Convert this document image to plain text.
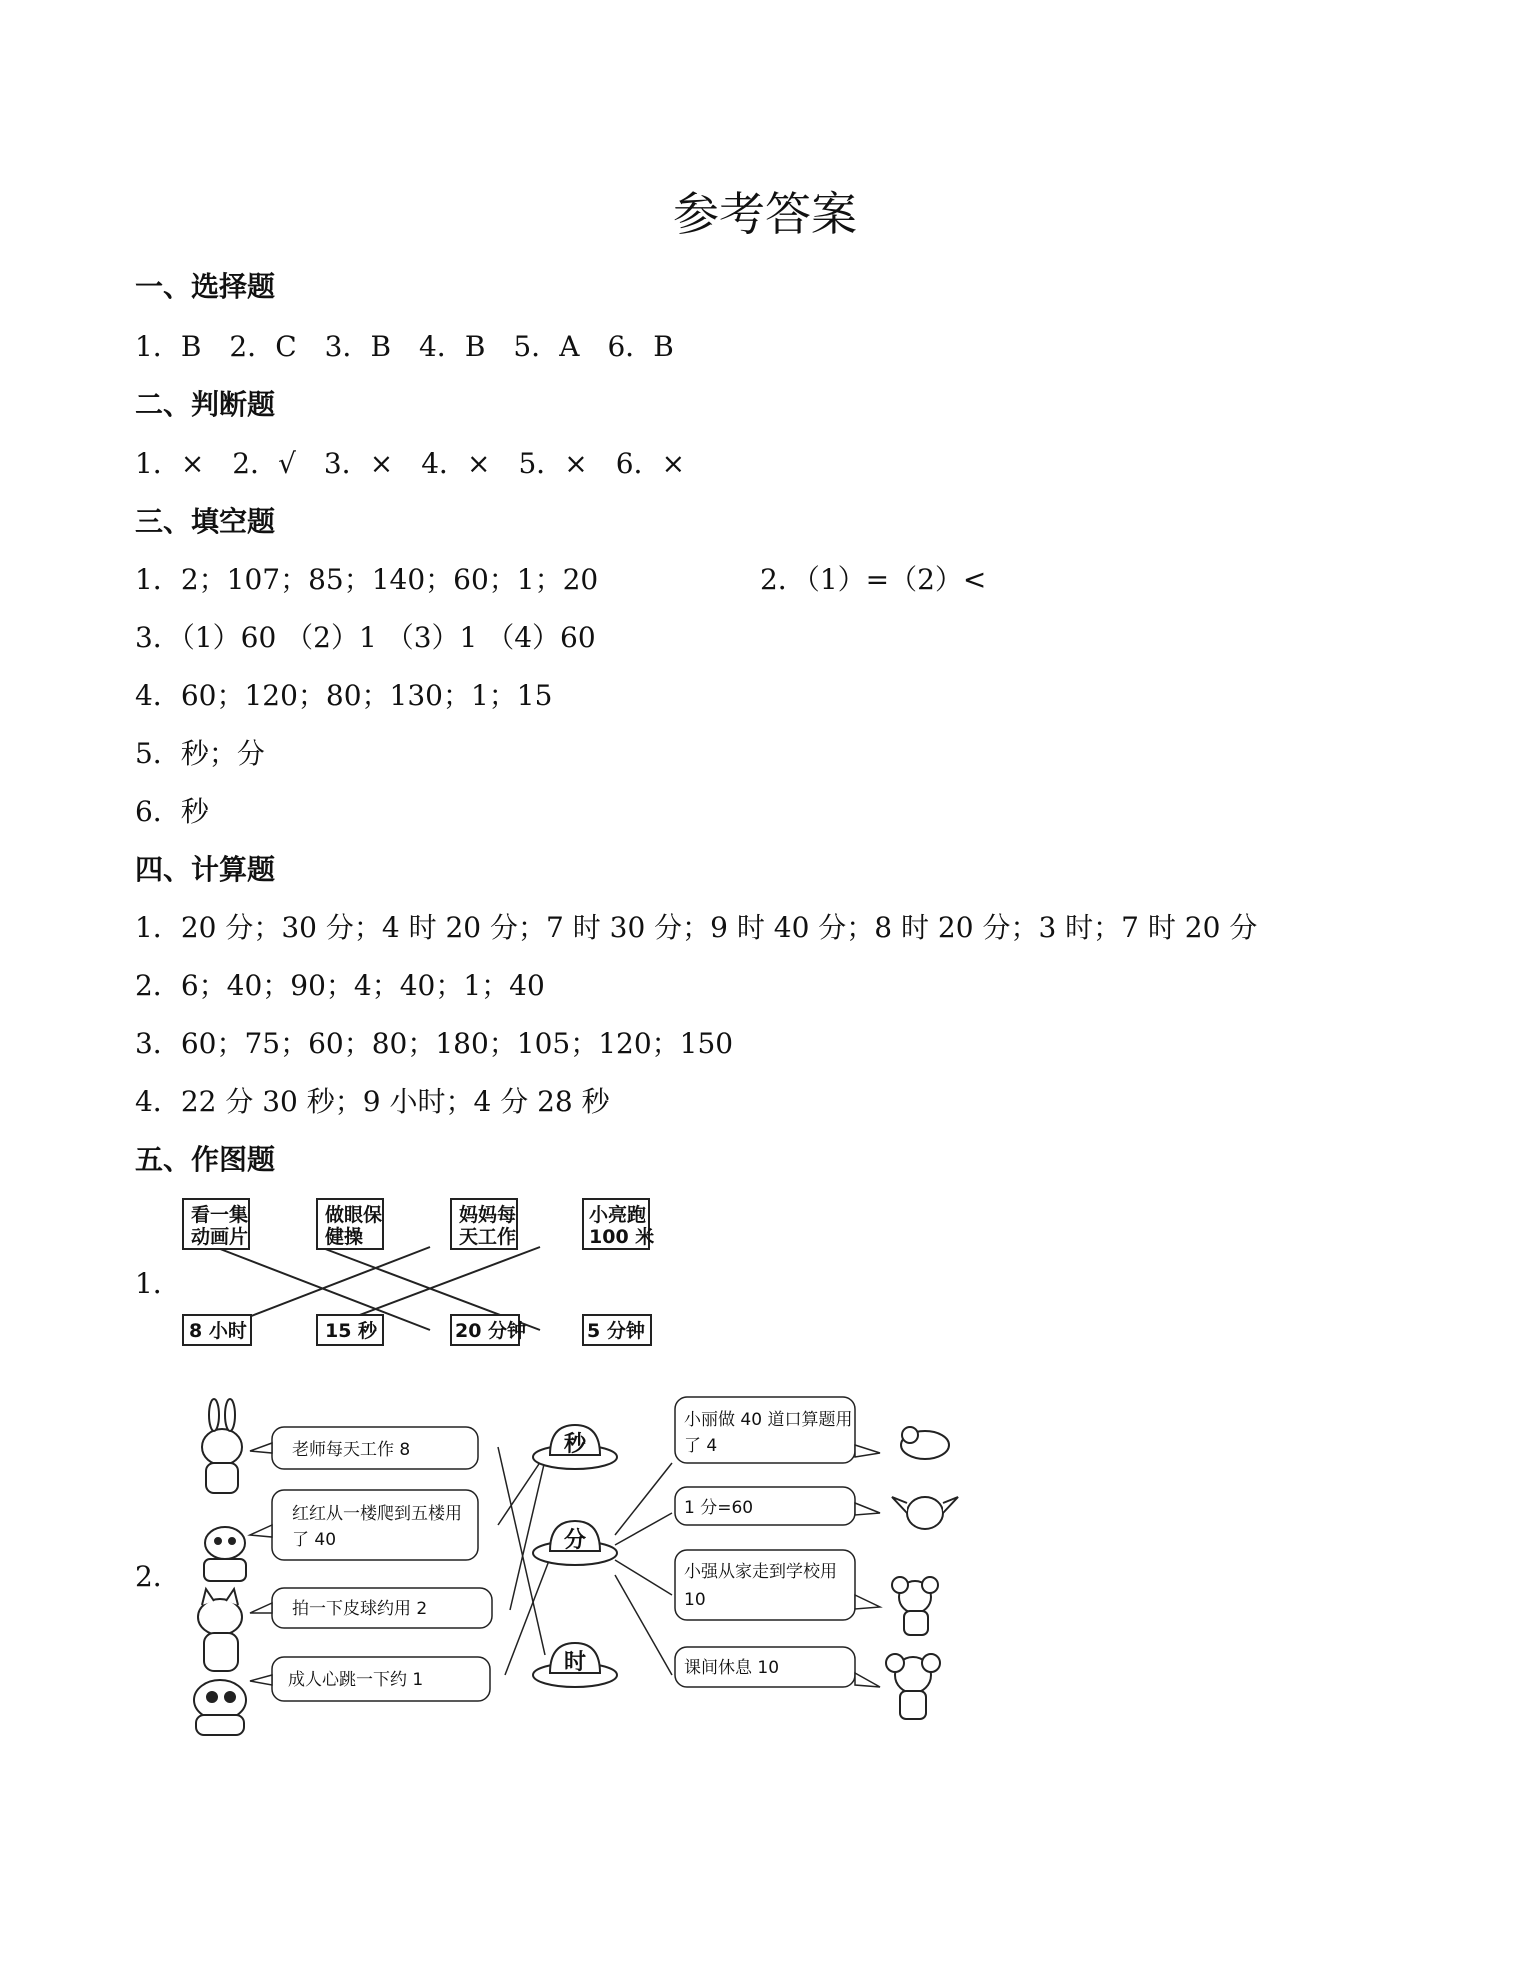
参考答案
一、选择题
1．B　2．C　3．B　4．B　5．A　6．B
二、判断题
1．×　2．√　3．×　4．×　5．×　6．×
三、填空题
1．2；107；85；140；60；1；20	2．（1）=（2）<
3．（1）60 （2）1 （3）1 （4）60
4．60；120；80；130；1；15
5．秒；分
6．秒
四、计算题
1．20 分；30 分；4 时 20 分；7 时 30 分；9 时 40 分；8 时 20 分；3 时；7 时 20 分
2．6；40；90；4；40；1；40
3．60；75；60；80；180；105；120；150
4．22 分 30 秒；9 小时；4 分 28 秒
五、作图题
1．
看一集
动画片
做眼保
健操
妈妈每
天工作
小亮跑
100 米
8 小时	15 秒	20 分钟	5 分钟
2．
老师每天工作 8
红红从一楼爬到五楼用
了 40
拍一下皮球约用 2
成人心跳一下约 1
秒
分
时
小丽做 40 道口算题用
了 4
1 分=60
小强从家走到学校用
10
课间休息 10
